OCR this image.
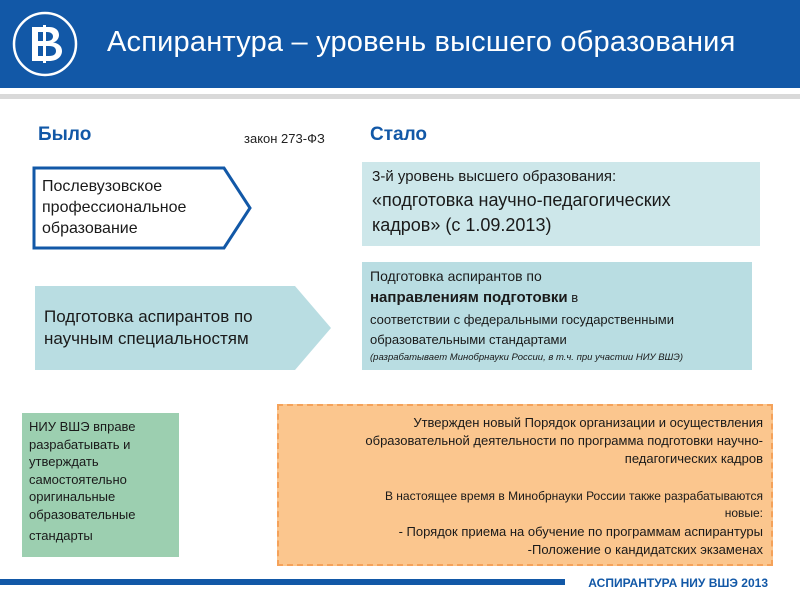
Аспирантура – уровень высшего образования
Было	Стало
закон 273-ФЗ
Послевузовское
профессиональное
образование
Подготовка аспирантов по
научным специальностям
3-й уровень высшего образования:
«подготовка научно-педагогических
кадров» (с 1.09.2013)
Подготовка аспирантов по
направлениям подготовки в
соответствии с федеральными государственными
образовательными стандартами
(разрабатывает Минобрнауки России, в т.ч. при участии НИУ ВШЭ)
НИУ ВШЭ вправе
разрабатывать и
утверждать
самостоятельно
оригинальные
образовательные
стандарты
Утвержден новый Порядок организации и осуществления
образовательной деятельности по программа подготовки научно-
педагогических кадров
В настоящее время в Минобрнауки России также разрабатываются
новые:
- Порядок приема на обучение по программам аспирантуры
-Положение о кандидатских экзаменах
АСПИРАНТУРА НИУ ВШЭ 2013
